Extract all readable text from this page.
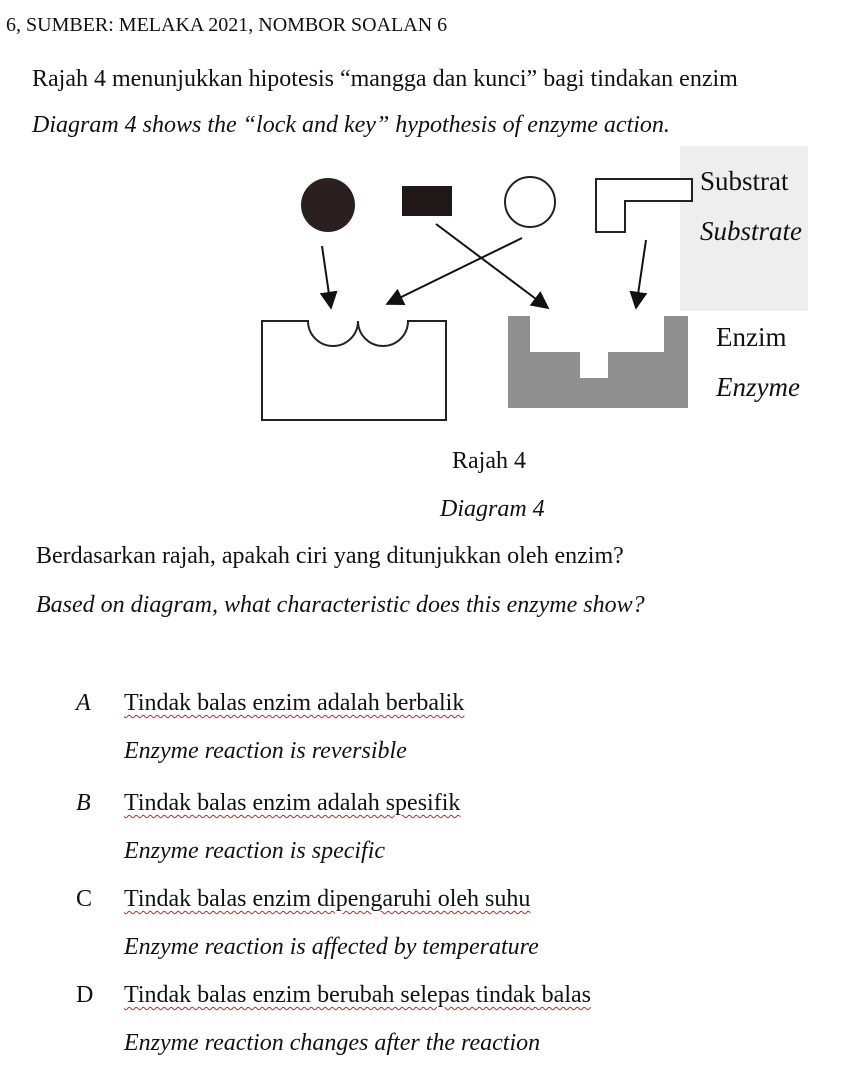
6, SUMBER: MELAKA 2021, NOMBOR SOALAN 6
Rajah 4 menunjukkan hipotesis “mangga dan kunci” bagi tindakan enzim
Diagram 4 shows the “lock and key” hypothesis of enzyme action.
Substrat
Substrate
Enzim
Enzyme
Rajah 4
Diagram 4
Berdasarkan rajah, apakah ciri yang ditunjukkan oleh enzim?
Based on diagram, what characteristic does this enzyme show?
A Tindak balas enzim adalah berbalik
Enzyme reaction is reversible
B Tindak balas enzim adalah spesifik
Enzyme reaction is specific
C Tindak balas enzim dipengaruhi oleh suhu
Enzyme reaction is affected by temperature
D Tindak balas enzim berubah selepas tindak balas
Enzyme reaction changes after the reaction
